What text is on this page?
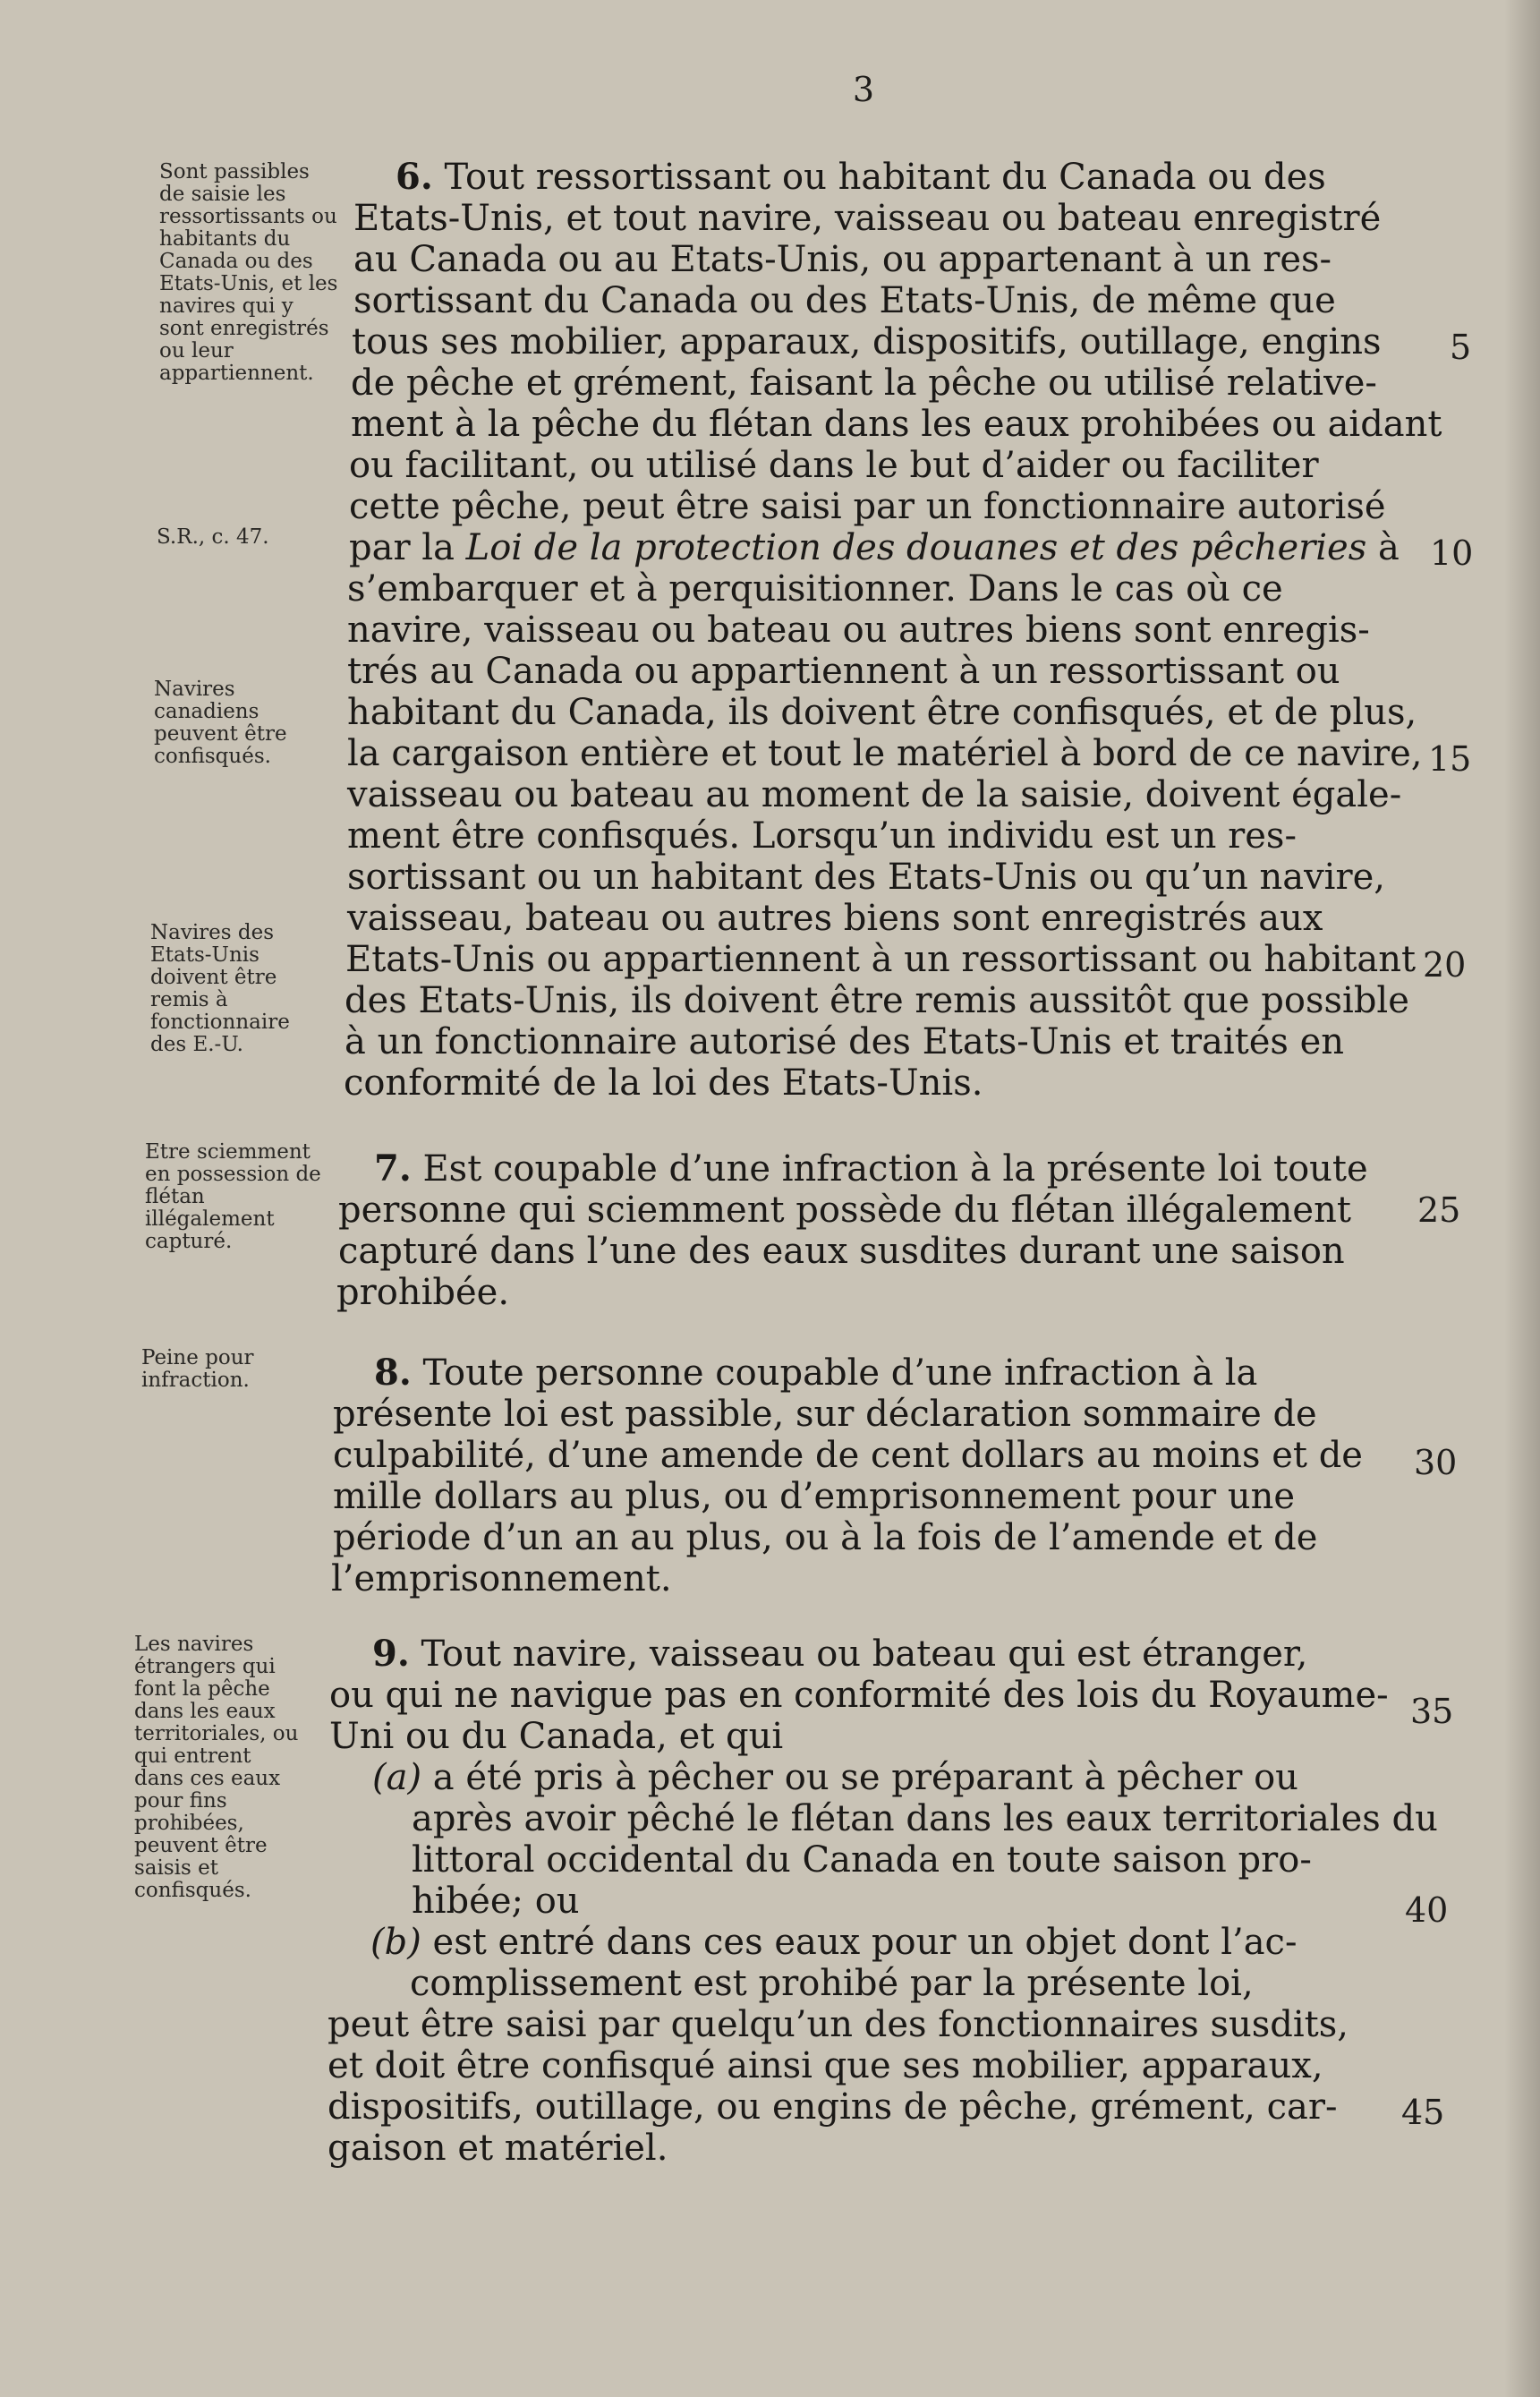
3
Sont passibles de saisie les ressortissants ou habitants du Canada ou des Etats-Unis, et les navires qui y sont enregistrés ou leur appartiennent.
S.R., c. 47.
Navires canadiens peuvent être confisqués.
Navires des Etats-Unis doivent être remis à fonctionnaire des E.-U.
Etre sciemment en possession de flétan illégalement capturé.
Peine pour infraction.
Les navires étrangers qui font la pêche dans les eaux territoriales, ou qui entrent dans ces eaux pour fins prohibées, peuvent être saisis et confisqués.
6. Tout ressortissant ou habitant du Canada ou des
Etats-Unis, et tout navire, vaisseau ou bateau enregistré
au Canada ou au Etats-Unis, ou appartenant à un res-
sortissant du Canada ou des Etats-Unis, de même que
tous ses mobilier, apparaux, dispositifs, outillage, engins
de pêche et grément, faisant la pêche ou utilisé relative-
ment à la pêche du flétan dans les eaux prohibées ou aidant
ou facilitant, ou utilisé dans le but d’aider ou faciliter
cette pêche, peut être saisi par un fonctionnaire autorisé
par la Loi de la protection des douanes et des pêcheries à
s’embarquer et à perquisitionner. Dans le cas où ce
navire, vaisseau ou bateau ou autres biens sont enregis-
trés au Canada ou appartiennent à un ressortissant ou
habitant du Canada, ils doivent être confisqués, et de plus,
la cargaison entière et tout le matériel à bord de ce navire,
vaisseau ou bateau au moment de la saisie, doivent égale-
ment être confisqués. Lorsqu’un individu est un res-
sortissant ou un habitant des Etats-Unis ou qu’un navire,
vaisseau, bateau ou autres biens sont enregistrés aux
Etats-Unis ou appartiennent à un ressortissant ou habitant
des Etats-Unis, ils doivent être remis aussitôt que possible
à un fonctionnaire autorisé des Etats-Unis et traités en
conformité de la loi des Etats-Unis.
7. Est coupable d’une infraction à la présente loi toute
personne qui sciemment possède du flétan illégalement
capturé dans l’une des eaux susdites durant une saison
prohibée.
8. Toute personne coupable d’une infraction à la
présente loi est passible, sur déclaration sommaire de
culpabilité, d’une amende de cent dollars au moins et de
mille dollars au plus, ou d’emprisonnement pour une
période d’un an au plus, ou à la fois de l’amende et de
l’emprisonnement.
9. Tout navire, vaisseau ou bateau qui est étranger,
ou qui ne navigue pas en conformité des lois du Royaume-
Uni ou du Canada, et qui
(a) a été pris à pêcher ou se préparant à pêcher ou
après avoir pêché le flétan dans les eaux territoriales du
littoral occidental du Canada en toute saison pro-
hibée; ou
(b) est entré dans ces eaux pour un objet dont l’ac-
complissement est prohibé par la présente loi,
peut être saisi par quelqu’un des fonctionnaires susdits,
et doit être confisqué ainsi que ses mobilier, apparaux,
dispositifs, outillage, ou engins de pêche, grément, car-
gaison et matériel.
5
10
15
20
25
30
35
40
45
